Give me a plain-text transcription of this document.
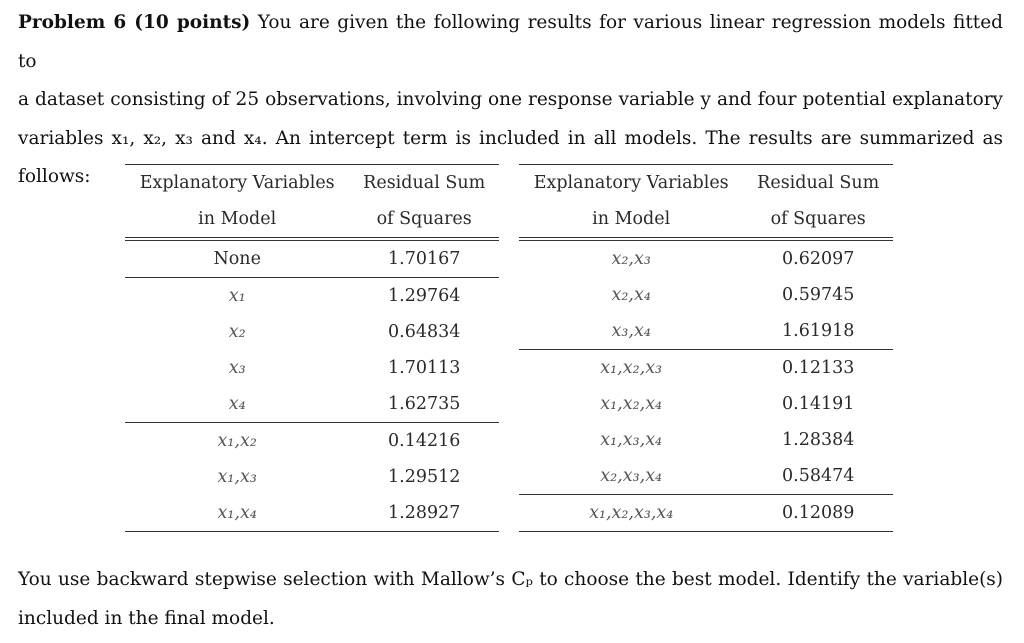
Problem 6 (10 points) You are given the following results for various linear regression models fitted to
a dataset consisting of 25 observations, involving one response variable y and four potential explanatory
variables x₁, x₂, x₃ and x₄. An intercept term is included in all models. The results are summarized as
follows:	Explanatory Variables	Residual Sum
in Model	of Squares
None	1.70167
x₁	1.29764
x₂	0.64834
x₃	1.70113
x₄	1.62735
x₁,x₂	0.14216
x₁,x₃	1.29512
x₁,x₄	1.28927
Explanatory Variables	Residual Sum
in Model	of Squares
x₂,x₃	0.62097
x₂,x₄	0.59745
x₃,x₄	1.61918
x₁,x₂,x₃	0.12133
x₁,x₂,x₄	0.14191
x₁,x₃,x₄	1.28384
x₂,x₃,x₄	0.58474
x₁,x₂,x₃,x₄	0.12089
You use backward stepwise selection with Mallow’s Cₚ to choose the best model. Identify the variable(s)
included in the final model.
